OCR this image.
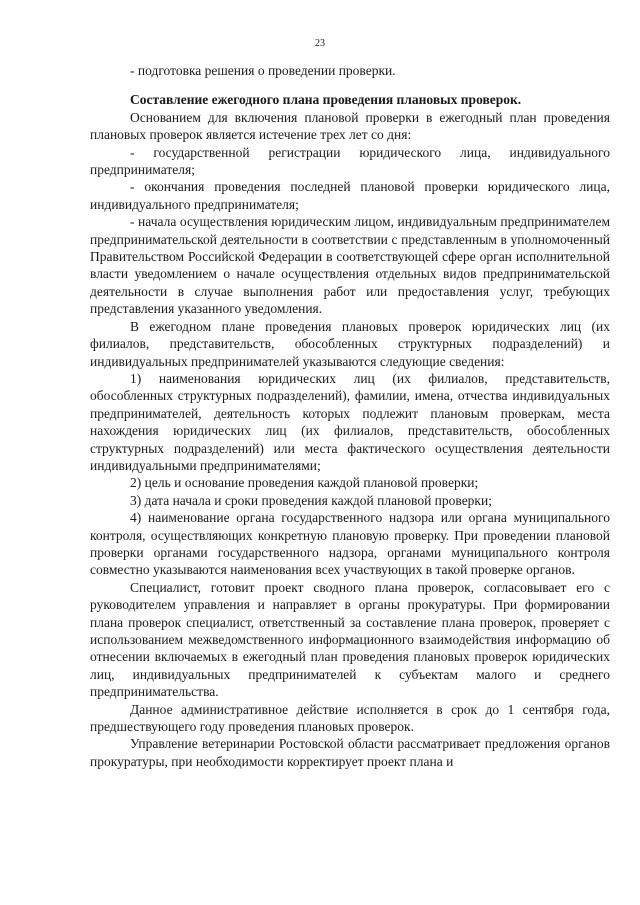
23

- подготовка решения о проведении проверки.

Составление ежегодного плана проведения плановых проверок.

Основанием для включения плановой проверки в ежегодный план проведения плановых проверок является истечение трех лет со дня:

- государственной регистрации юридического лица, индивидуального предпринимателя;

- окончания проведения последней плановой проверки юридического лица, индивидуального предпринимателя;

- начала осуществления юридическим лицом, индивидуальным предпринимателем предпринимательской деятельности в соответствии с представленным в уполномоченный Правительством Российской Федерации в соответствующей сфере орган исполнительной власти уведомлением о начале осуществления отдельных видов предпринимательской деятельности в случае выполнения работ или предоставления услуг, требующих представления указанного уведомления.

В ежегодном плане проведения плановых проверок юридических лиц (их филиалов, представительств, обособленных структурных подразделений) и индивидуальных предпринимателей указываются следующие сведения:

1) наименования юридических лиц (их филиалов, представительств, обособленных структурных подразделений), фамилии, имена, отчества индивидуальных предпринимателей, деятельность которых подлежит плановым проверкам, места нахождения юридических лиц (их филиалов, представительств, обособленных структурных подразделений) или места фактического осуществления деятельности индивидуальными предпринимателями;

2) цель и основание проведения каждой плановой проверки;

3) дата начала и сроки проведения каждой плановой проверки;

4) наименование органа государственного надзора или органа муниципального контроля, осуществляющих конкретную плановую проверку. При проведении плановой проверки органами государственного надзора, органами муниципального контроля совместно указываются наименования всех участвующих в такой проверке органов.

Специалист, готовит проект сводного плана проверок, согласовывает его с руководителем управления и направляет в органы прокуратуры. При формировании плана проверок специалист, ответственный за составление плана проверок, проверяет с использованием межведомственного информационного взаимодействия информацию об отнесении включаемых в ежегодный план проведения плановых проверок юридических лиц, индивидуальных предпринимателей к субъектам малого и среднего предпринимательства.

Данное административное действие исполняется в срок до 1 сентября года, предшествующего году проведения плановых проверок.

Управление ветеринарии Ростовской области рассматривает предложения органов прокуратуры, при необходимости корректирует проект плана и
